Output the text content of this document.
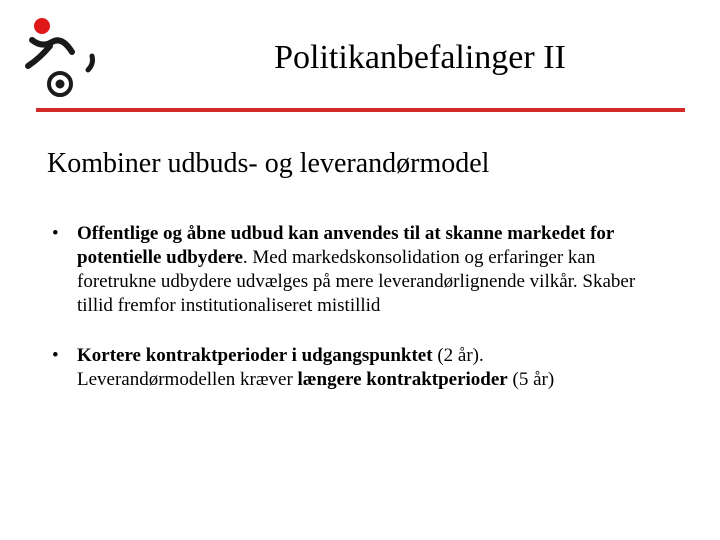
Politikanbefalinger II
Kombiner udbuds- og leverandørmodel
• Offentlige og åbne udbud kan anvendes til at skanne markedet for
potentielle udbydere. Med markedskonsolidation og erfaringer kan
foretrukne udbydere udvælges på mere leverandørlignende vilkår. Skaber
tillid fremfor institutionaliseret mistillid
• Kortere kontraktperioder i udgangspunktet (2 år).
Leverandørmodellen kræver længere kontraktperioder (5 år)
